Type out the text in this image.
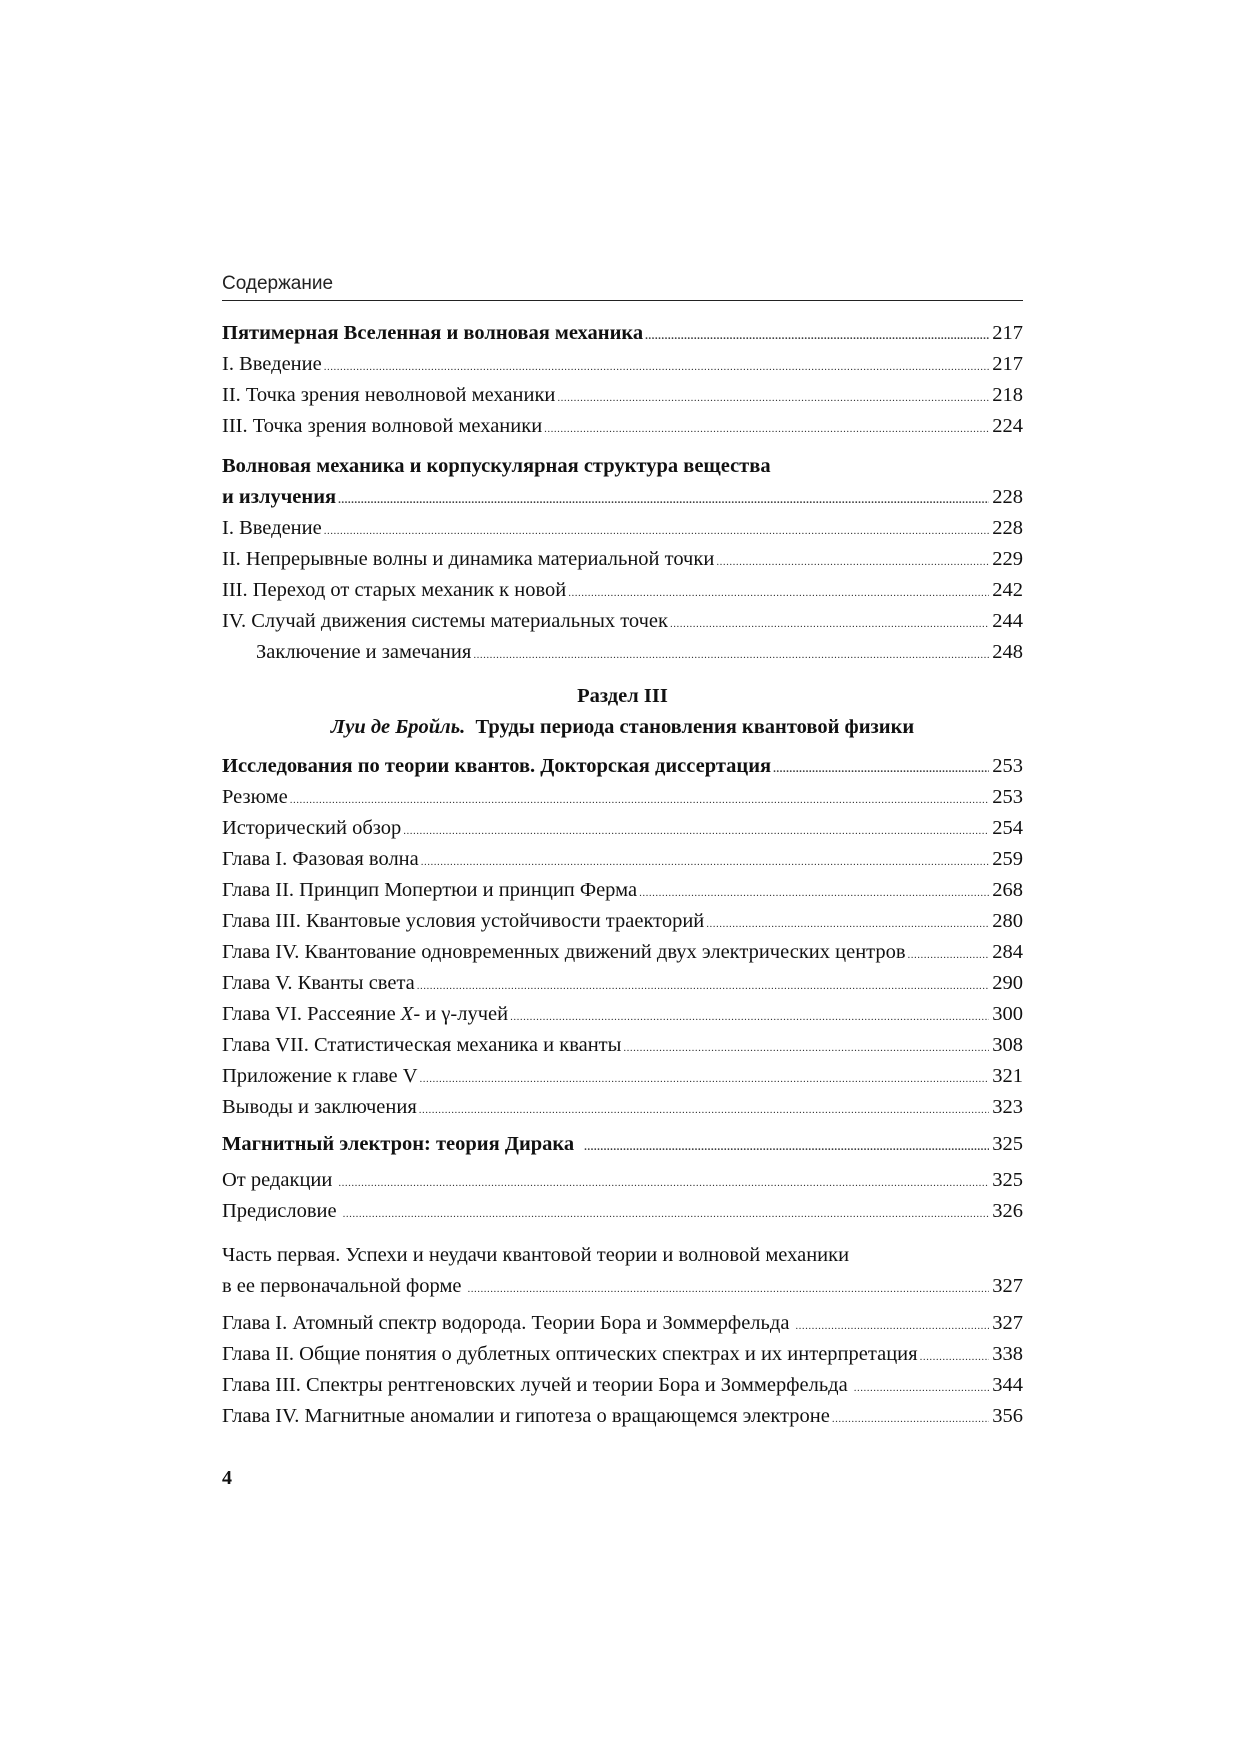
Содержание
Пятимерная Вселенная и волновая механика .....	217
I. Введение .....	217
II. Точка зрения неволновой механики .....	218
III. Точка зрения волновой механики .....	224
Волновая механика и корпускулярная структура вещества
и излучения .....	228
I. Введение .....	228
II. Непрерывные волны и динамика материальной точки .....	229
III. Переход от старых механик к новой .....	242
IV. Случай движения системы материальных точек .....	244
Заключение и замечания .....	248
Раздел III
Луи де Бройль. Труды периода становления квантовой физики
Исследования по теории квантов. Докторская диссертация .....	253
Резюме .....	253
Исторический обзор .....	254
Глава I. Фазовая волна .....	259
Глава II. Принцип Мопертюи и принцип Ферма .....	268
Глава III. Квантовые условия устойчивости траекторий .....	280
Глава IV. Квантование одновременных движений двух электрических центров .....	284
Глава V. Кванты света .....	290
Глава VI. Рассеяние X- и γ-лучей .....	300
Глава VII. Статистическая механика и кванты .....	308
Приложение к главе V .....	321
Выводы и заключения .....	323
Магнитный электрон: теория Дирака .....	325
От редакции .....	325
Предисловие .....	326
Часть первая. Успехи и неудачи квантовой теории и волновой механики
в ее первоначальной форме .....	327
Глава I. Атомный спектр водорода. Теории Бора и Зоммерфельда .....	327
Глава II. Общие понятия о дублетных оптических спектрах и их интерпретация .....	338
Глава III. Спектры рентгеновских лучей и теории Бора и Зоммерфельда .....	344
Глава IV. Магнитные аномалии и гипотеза о вращающемся электроне .....	356
4
